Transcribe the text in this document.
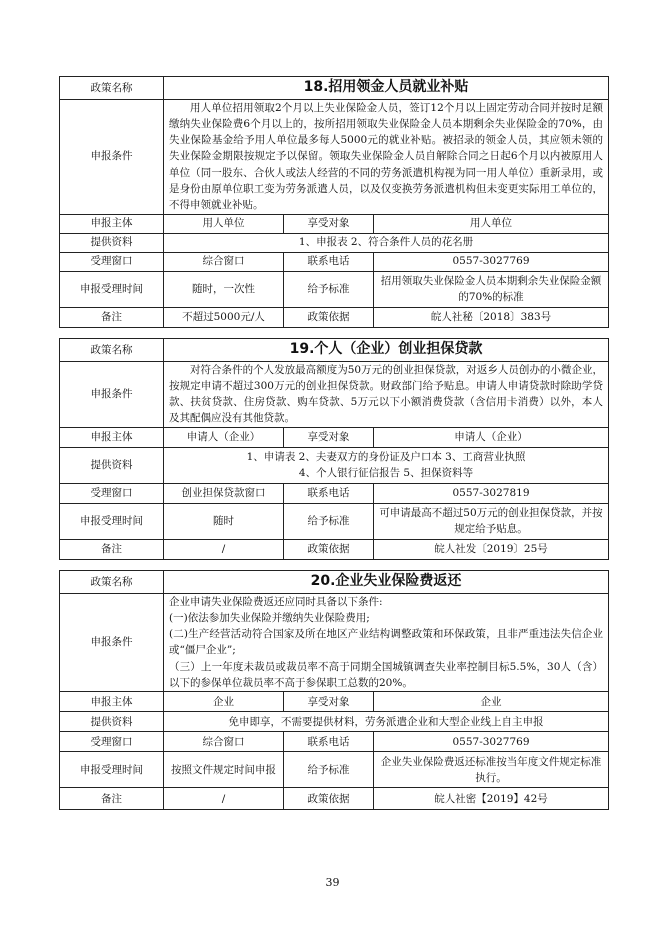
政策名称	18.招用领金人员就业补贴		
申报条件	用人单位招用领取2个月以上失业保险金人员，签订12个月以上固定劳动合同并按时足额缴纳失业保险费6个月以上的，按所招用领取失业保险金人员本期剩余失业保险金的70%，由失业保险基金给予用人单位最多每人5000元的就业补贴。被招录的领金人员，其应领未领的失业保险金期限按规定予以保留。领取失业保险金人员自解除合同之日起6个月以内被原用人单位（同一股东、合伙人或法人经营的不同的劳务派遣机构视为同一用人单位）重新录用，或是身份由原单位职工变为劳务派遣人员，以及仅变换劳务派遣机构但未变更实际用工单位的，不得申领就业补贴。		

申报主体	用人单位	享受对象	用人单位
提供资料	1、申报表 2、符合条件人员的花名册		
受理窗口	综合窗口	联系电话	0557-3027769
申报受理时间	随时，一次性	给予标准	招用领取失业保险金人员本期剩余失业保险金额的70%的标准
备注	不超过5000元/人	政策依据	皖人社秘〔2018〕383号
政策名称	19.个人（企业）创业担保贷款		
申报条件	对符合条件的个人发放最高额度为50万元的创业担保贷款，对返乡人员创办的小微企业，按规定申请不超过300万元的创业担保贷款。财政部门给予贴息。申请人申请贷款时除助学贷款、扶贫贷款、住房贷款、购车贷款、5万元以下小额消费贷款（含信用卡消费）以外，本人及其配偶应没有其他贷款。		

申报主体	申请人（企业）	享受对象	申请人（企业）
提供资料	1、申请表 2、夫妻双方的身份证及户口本 3、工商营业执照
4、个人银行征信报告 5、担保资料等		

受理窗口	创业担保贷款窗口	联系电话	0557-3027819
申报受理时间	随时	给予标准	可申请最高不超过50万元的创业担保贷款，并按规定给予贴息。
备注	/	政策依据	皖人社发〔2019〕25号
政策名称	20.企业失业保险费返还		
申报条件	企业申请失业保险费返还应同时具备以下条件:

(一)依法参加失业保险并缴纳失业保险费用;

(二)生产经营活动符合国家及所在地区产业结构调整政策和环保政策，且非严重违法失信企业或“僵尸企业”;

（三）上一年度未裁员或裁员率不高于同期全国城镇调查失业率控制目标5.5%，30人（含）以下的参保单位裁员率不高于参保职工总数的20%。		

申报主体	企业	享受对象	企业
提供资料	免申即享，不需要提供材料，劳务派遣企业和大型企业线上自主申报		
受理窗口	综合窗口	联系电话	0557-3027769
申报受理时间	按照文件规定时间申报	给予标准	企业失业保险费返还标准按当年度文件规定标准执行。
备注	/	政策依据	皖人社密【2019】42号
39
